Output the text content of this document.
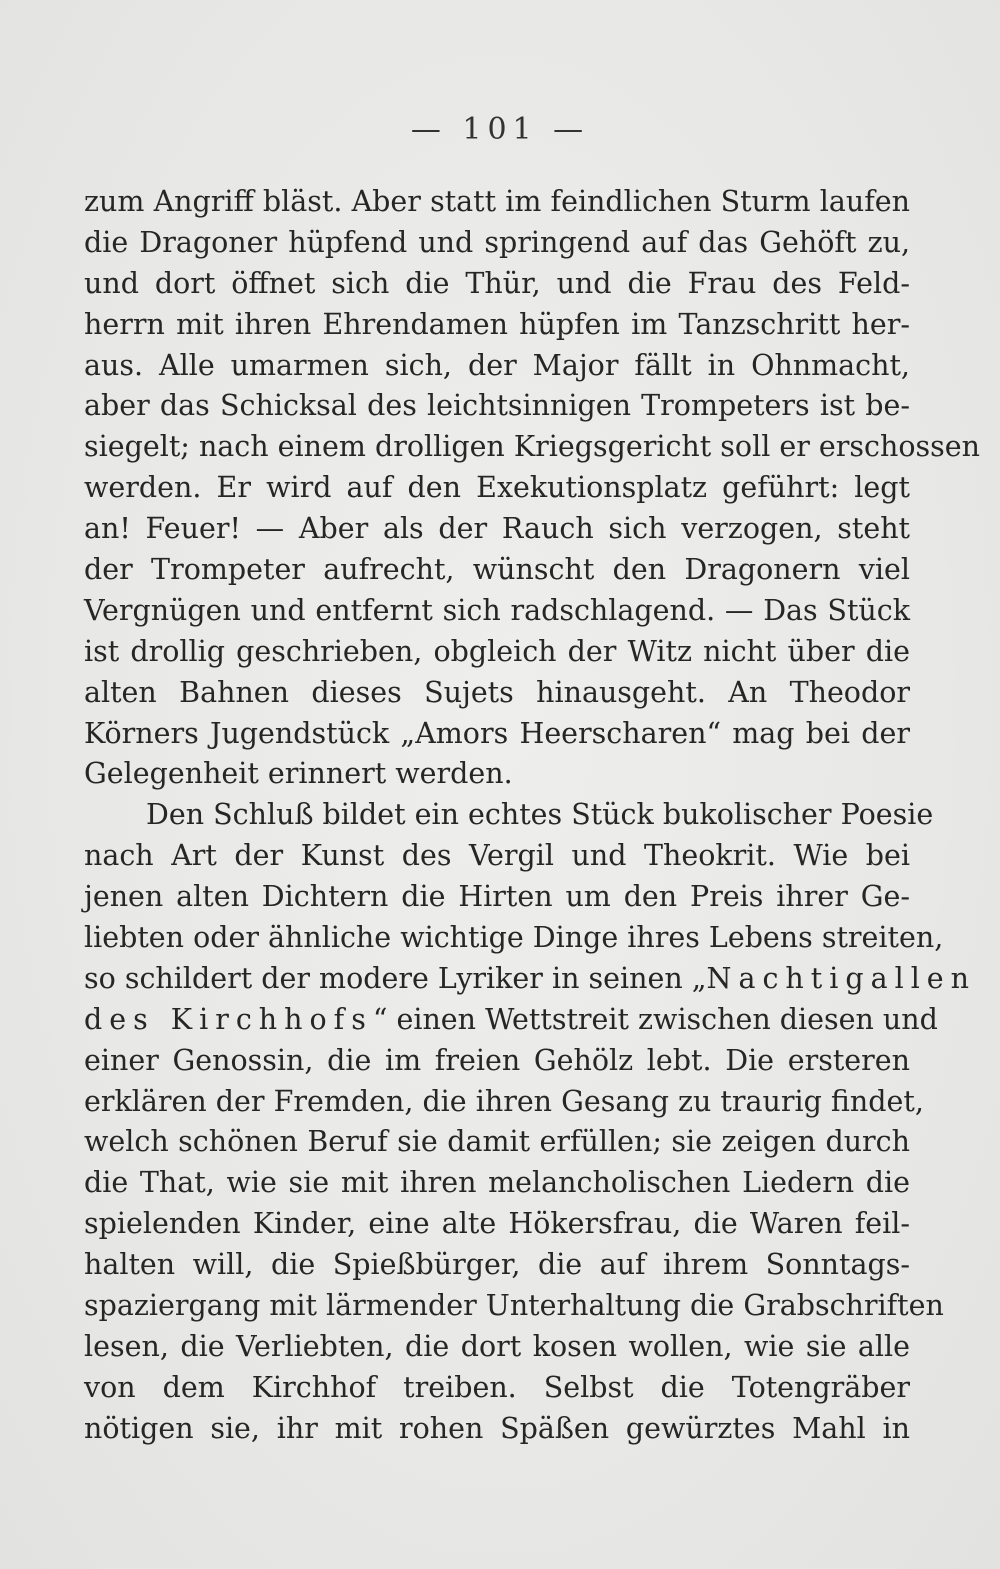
— 101 —
zum Angriff bläst. Aber statt im feindlichen Sturm laufen
die Dragoner hüpfend und springend auf das Gehöft zu,
und dort öffnet sich die Thür, und die Frau des Feld-
herrn mit ihren Ehrendamen hüpfen im Tanzschritt her-
aus. Alle umarmen sich, der Major fällt in Ohnmacht,
aber das Schicksal des leichtsinnigen Trompeters ist be-
siegelt; nach einem drolligen Kriegsgericht soll er erschossen
werden. Er wird auf den Exekutionsplatz geführt: legt
an! Feuer! — Aber als der Rauch sich verzogen, steht
der Trompeter aufrecht, wünscht den Dragonern viel
Vergnügen und entfernt sich radschlagend. — Das Stück
ist drollig geschrieben, obgleich der Witz nicht über die
alten Bahnen dieses Sujets hinausgeht. An Theodor
Körners Jugendstück „Amors Heerscharen“ mag bei der
Gelegenheit erinnert werden.
Den Schluß bildet ein echtes Stück bukolischer Poesie
nach Art der Kunst des Vergil und Theokrit. Wie bei
jenen alten Dichtern die Hirten um den Preis ihrer Ge-
liebten oder ähnliche wichtige Dinge ihres Lebens streiten,
so schildert der modere Lyriker in seinen „Nachtigallen
des Kirchhofs“ einen Wettstreit zwischen diesen und
einer Genossin, die im freien Gehölz lebt. Die ersteren
erklären der Fremden, die ihren Gesang zu traurig findet,
welch schönen Beruf sie damit erfüllen; sie zeigen durch
die That, wie sie mit ihren melancholischen Liedern die
spielenden Kinder, eine alte Hökersfrau, die Waren feil-
halten will, die Spießbürger, die auf ihrem Sonntags-
spaziergang mit lärmender Unterhaltung die Grabschriften
lesen, die Verliebten, die dort kosen wollen, wie sie alle
von dem Kirchhof treiben. Selbst die Totengräber
nötigen sie, ihr mit rohen Späßen gewürztes Mahl in
